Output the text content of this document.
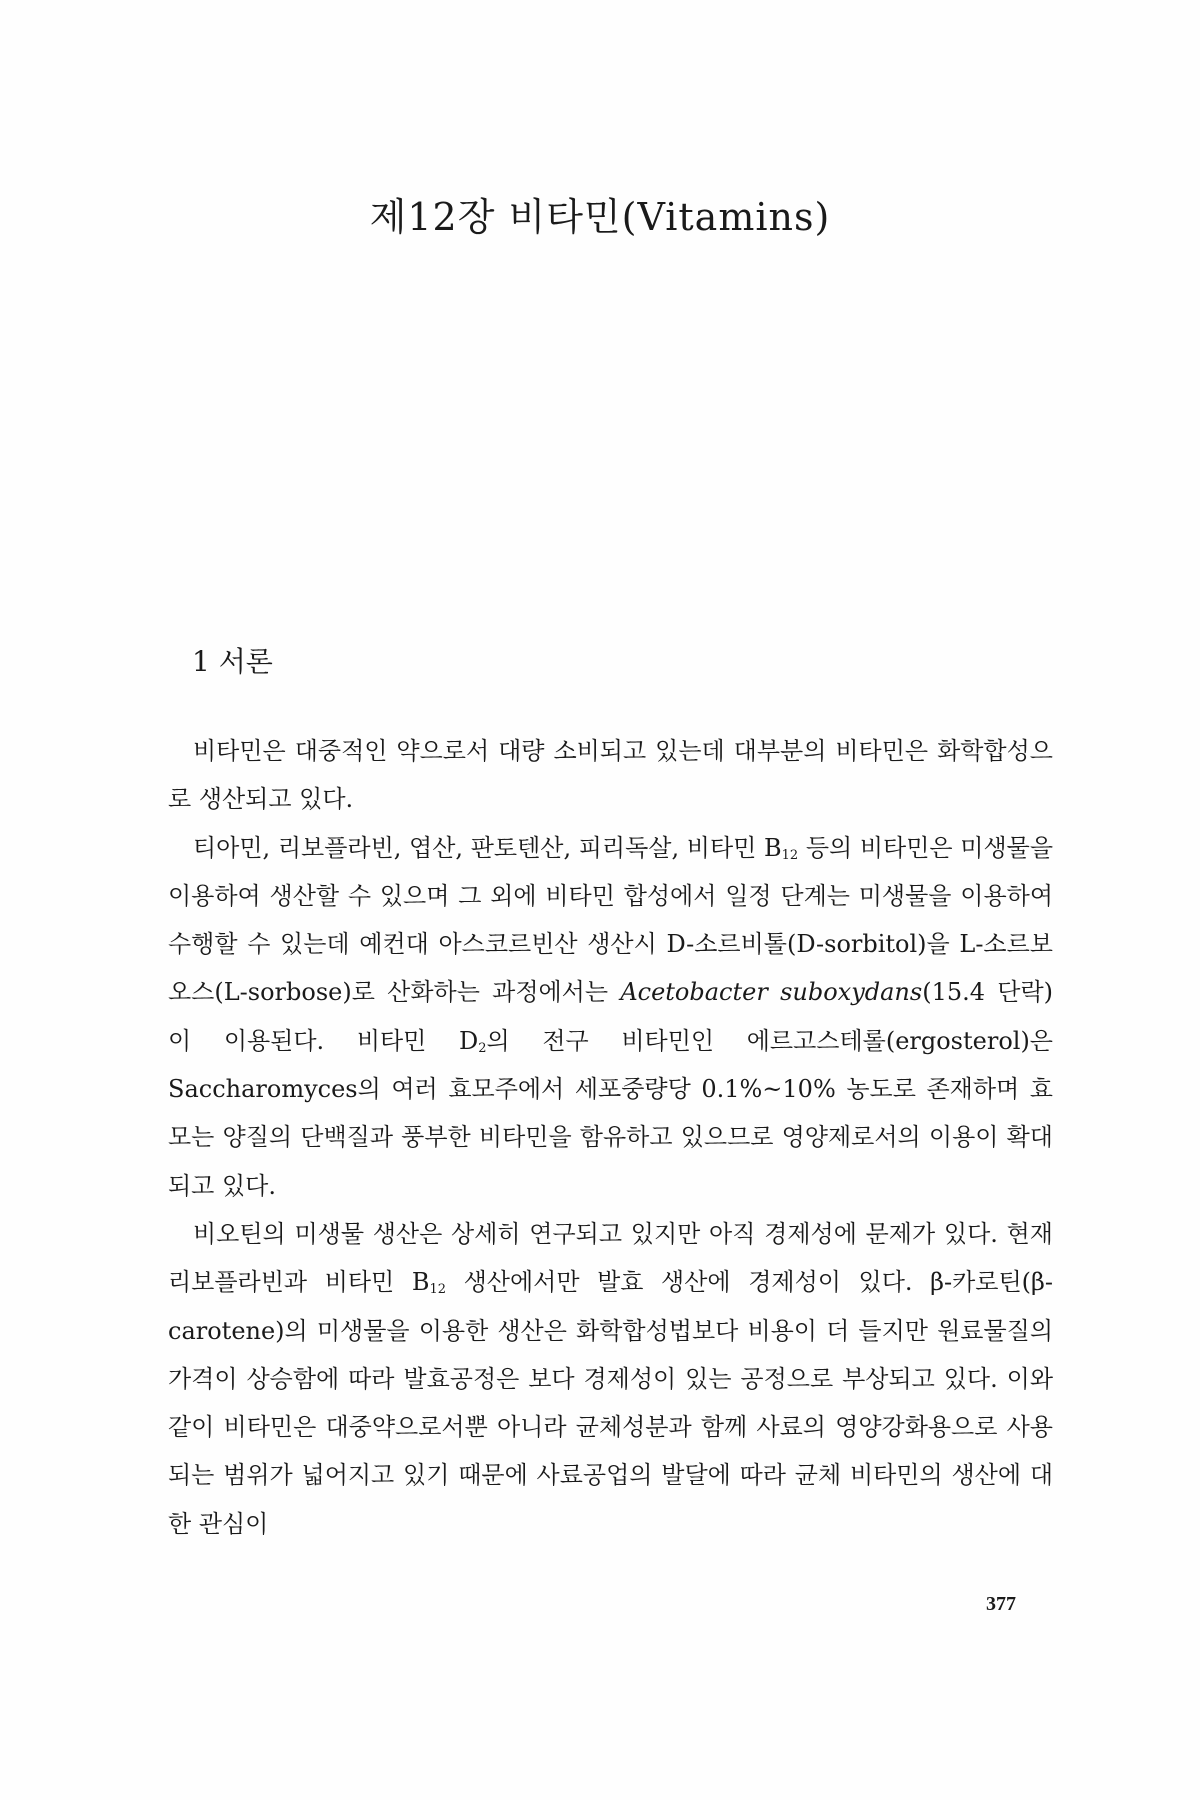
제12장 비타민(Vitamins)
1 서론

비타민은 대중적인 약으로서 대량 소비되고 있는데 대부분의 비타민은 화학합성으로 생산되고 있다.

티아민, 리보플라빈, 엽산, 판토텐산, 피리독살, 비타민 $B_{12}$ 등의 비타민은 미생물을 이용하여 생산할 수 있으며 그 외에 비타민 합성에서 일정 단계는 미생물을 이용하여 수행할 수 있는데 예컨대 아스코르빈산 생산시 D-소르비톨(D-sorbitol)을 L-소르보오스(L-sorbose)로 산화하는 과정에서는 Acetobacter suboxydans(15.4 단락)이 이용된다. 비타민 $D_2$의 전구 비타민인 에르고스테롤(ergosterol)은 Saccharomyces의 여러 효모주에서 세포중량당 0.1%~10% 농도로 존재하며 효모는 양질의 단백질과 풍부한 비타민을 함유하고 있으므로 영양제로서의 이용이 확대되고 있다.

비오틴의 미생물 생산은 상세히 연구되고 있지만 아직 경제성에 문제가 있다. 현재 리보플라빈과 비타민 $B_{12}$ 생산에서만 발효 생산에 경제성이 있다. β-카로틴(β-carotene)의 미생물을 이용한 생산은 화학합성법보다 비용이 더 들지만 원료물질의 가격이 상승함에 따라 발효공정은 보다 경제성이 있는 공정으로 부상되고 있다. 이와 같이 비타민은 대중약으로서뿐 아니라 균체성분과 함께 사료의 영양강화용으로 사용되는 범위가 넓어지고 있기 때문에 사료공업의 발달에 따라 균체 비타민의 생산에 대한 관심이

377
